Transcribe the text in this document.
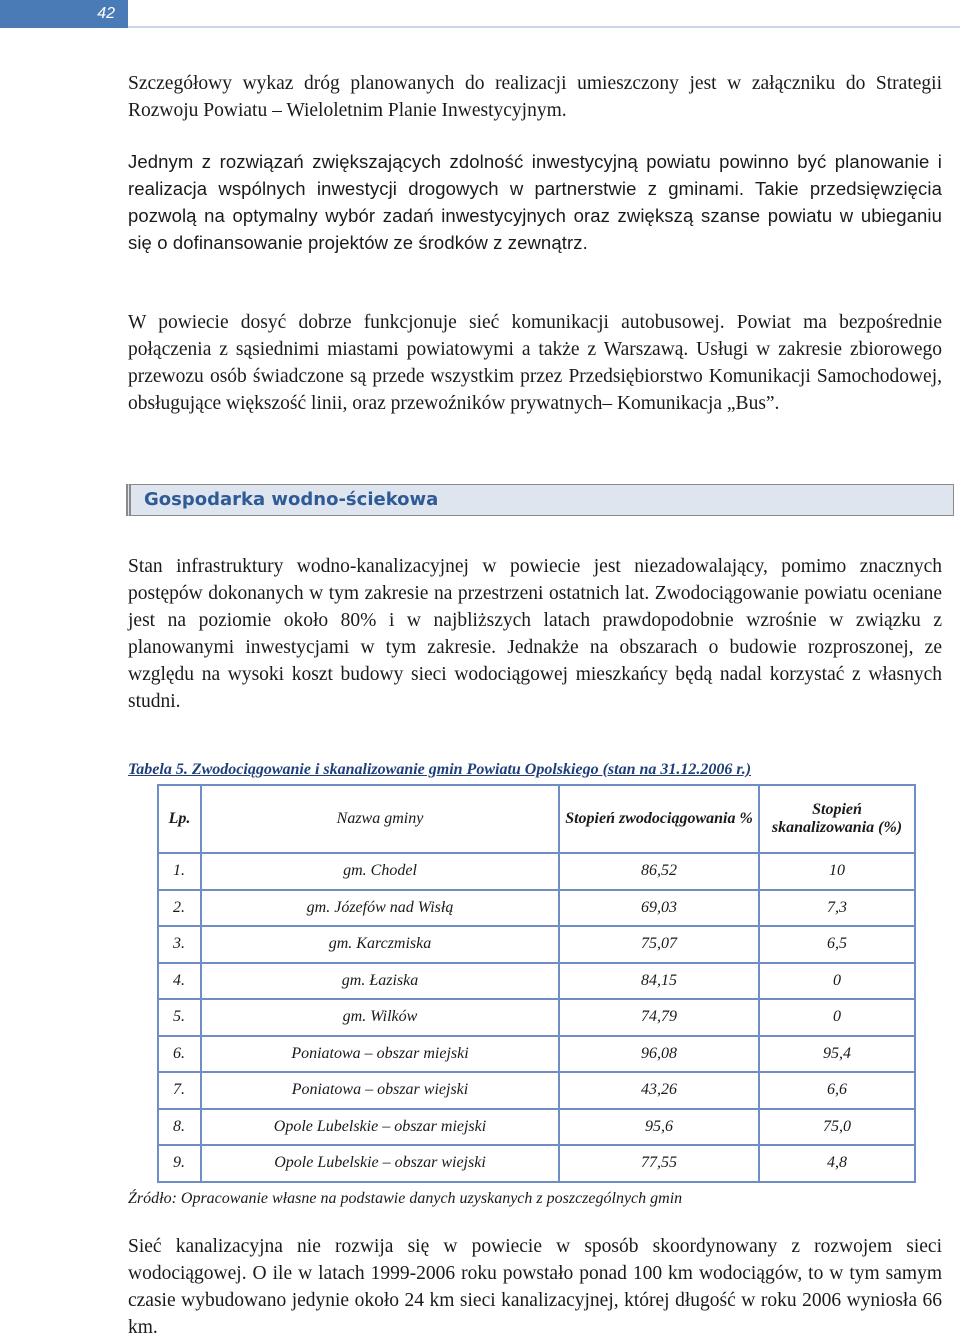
42

Szczegółowy wykaz dróg planowanych do realizacji umieszczony jest w załączniku do Strategii Rozwoju Powiatu – Wieloletnim Planie Inwestycyjnym.

Jednym z rozwiązań zwiększających zdolność inwestycyjną powiatu powinno być planowanie i realizacja wspólnych inwestycji drogowych w partnerstwie z gminami. Takie przedsięwzięcia pozwolą na optymalny wybór zadań inwestycyjnych oraz zwiększą szanse powiatu w ubieganiu się o dofinansowanie projektów ze środków z zewnątrz.

W powiecie dosyć dobrze funkcjonuje sieć komunikacji autobusowej. Powiat ma bezpośrednie połączenia z sąsiednimi miastami powiatowymi a także z Warszawą. Usługi w zakresie zbiorowego przewozu osób świadczone są przede wszystkim przez Przedsiębiorstwo Komunikacji Samochodowej, obsługujące większość linii, oraz przewoźników prywatnych– Komunikacja „Bus”.

Gospodarka wodno-ściekowa

Stan infrastruktury wodno-kanalizacyjnej w powiecie jest niezadowalający, pomimo znacznych postępów dokonanych w tym zakresie na przestrzeni ostatnich lat. Zwodociągowanie powiatu oceniane jest na poziomie około 80% i w najbliższych latach prawdopodobnie wzrośnie w związku z planowanymi inwestycjami w tym zakresie. Jednakże na obszarach o budowie rozproszonej, ze względu na wysoki koszt budowy sieci wodociągowej mieszkańcy będą nadal korzystać z własnych studni.

Tabela 5. Zwodociągowanie i skanalizowanie gmin Powiatu Opolskiego (stan na 31.12.2006 r.)
Lp.	Nazwa gminy	Stopień zwodociągowania %	Stopień skanalizowania (%)
1.	gm. Chodel	86,52	10
2.	gm. Józefów nad Wisłą	69,03	7,3
3.	gm. Karczmiska	75,07	6,5
4.	gm. Łaziska	84,15	0
5.	gm. Wilków	74,79	0
6.	Poniatowa – obszar miejski	96,08	95,4
7.	Poniatowa – obszar wiejski	43,26	6,6
8.	Opole Lubelskie – obszar miejski	95,6	75,0
9.	Opole Lubelskie – obszar wiejski	77,55	4,8
Źródło: Opracowanie własne na podstawie danych uzyskanych z poszczególnych gmin

Sieć kanalizacyjna nie rozwija się w powiecie w sposób skoordynowany z rozwojem sieci wodociągowej. O ile w latach 1999-2006 roku powstało ponad 100 km wodociągów, to w tym samym czasie wybudowano jedynie około 24 km sieci kanalizacyjnej, której długość w roku 2006 wyniosła 66 km.
